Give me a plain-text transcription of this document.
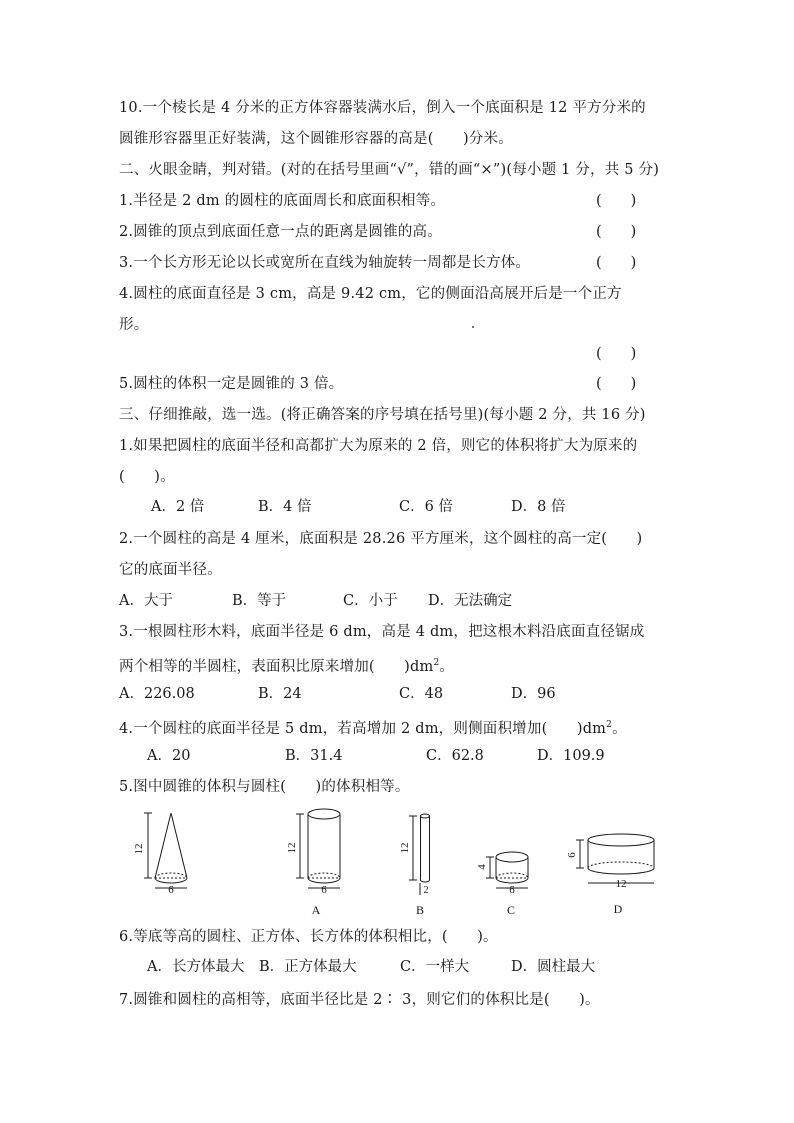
10.一个棱长是 4 分米的正方体容器装满水后，倒入一个底面积是 12 平方分米的
圆锥形容器里正好装满，这个圆锥形容器的高是(　　)分米。
二、火眼金睛，判对错。(对的在括号里画“√”，错的画“×”)(每小题 1 分，共 5 分)
1.半径是 2 dm 的圆柱的底面周长和底面积相等。	(　　)
2.圆锥的顶点到底面任意一点的距离是圆锥的高。	(　　)
3.一个长方形无论以长或宽所在直线为轴旋转一周都是长方体。	(　　)
4.圆柱的底面直径是 3 cm，高是 9.42 cm，它的侧面沿高展开后是一个正方
形。
(　　)
5.圆柱的体积一定是圆锥的 3 倍。	(　　)
三、仔细推敲，选一选。(将正确答案的序号填在括号里)(每小题 2 分，共 16 分)
1.如果把圆柱的底面半径和高都扩大为原来的 2 倍，则它的体积将扩大为原来的
(　　)。
A．2 倍	B．4 倍	C．6 倍	D．8 倍
2.一个圆柱的高是 4 厘米，底面积是 28.26 平方厘米，这个圆柱的高一定(　　)
它的底面半径。
A．大于	B．等于	C．小于 D．无法确定
3.一根圆柱形木料，底面半径是 6 dm，高是 4 dm，把这根木料沿底面直径锯成
两个相等的半圆柱，表面积比原来增加(　　)$dm^2$。
A．226.08	B．24	C．48	D．96
4.一个圆柱的底面半径是 5 dm，若高增加 2 dm，则侧面积增加(　　)$dm^2$。
A．20	B．31.4	C．62.8	D．109.9
5.图中圆锥的体积与圆柱(　　)的体积相等。
12
6
12
6
A
12
2
B
4
6
C
6
12
D
6.等底等高的圆柱、正方体、长方体的体积相比，(　　)。
A．长方体最大 B．正方体最大	C．一样大	D．圆柱最大
7.圆锥和圆柱的高相等，底面半径比是 2∶ 3，则它们的体积比是(　　)。
